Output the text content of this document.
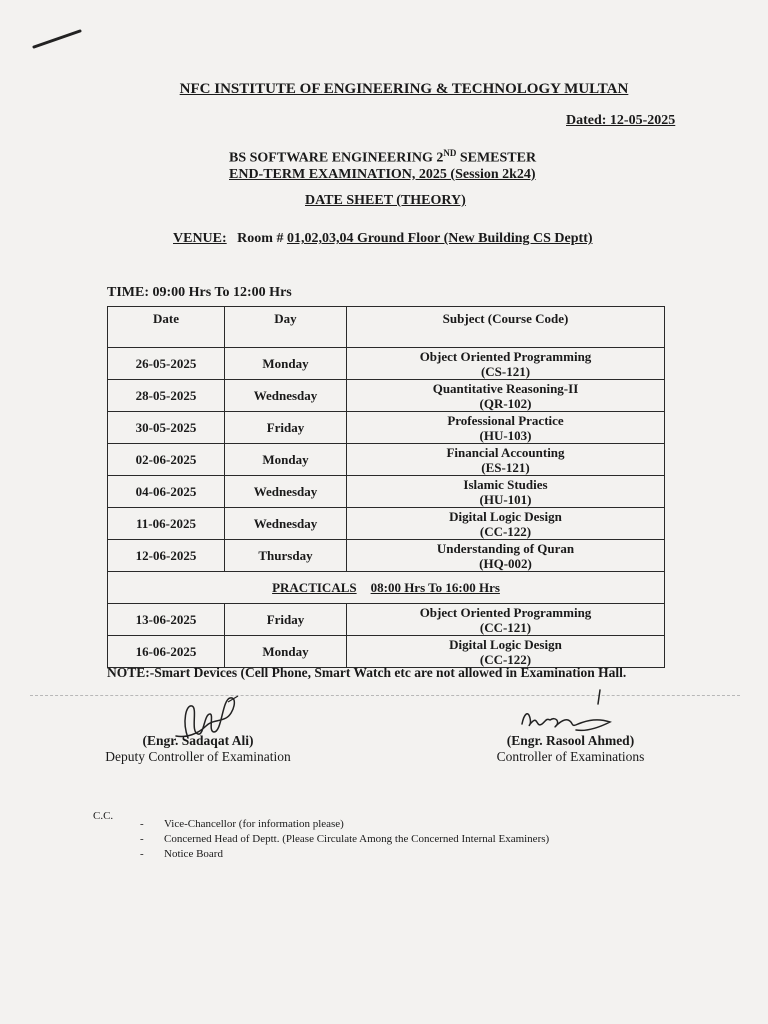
NFC INSTITUTE OF ENGINEERING & TECHNOLOGY MULTAN
Dated: 12-05-2025
BS SOFTWARE ENGINEERING 2ND SEMESTER
END-TERM EXAMINATION, 2025 (Session 2k24)
DATE SHEET (THEORY)
VENUE: Room # 01,02,03,04 Ground Floor (New Building CS Deptt)
TIME: 09:00 Hrs To 12:00 Hrs
Date	Day	Subject (Course Code)
26-05-2025	Monday	Object Oriented Programming
(CS-121)

28-05-2025	Wednesday	Quantitative Reasoning-II
(QR-102)

30-05-2025	Friday	Professional Practice
(HU-103)

02-06-2025	Monday	Financial Accounting
(ES-121)

04-06-2025	Wednesday	Islamic Studies
(HU-101)

11-06-2025	Wednesday	Digital Logic Design
(CC-122)

12-06-2025	Thursday	Understanding of Quran
(HQ-002)

PRACTICALS 08:00 Hrs To 16:00 Hrs		
13-06-2025	Friday	Object Oriented Programming
(CC-121)

16-06-2025	Monday	Digital Logic Design
(CC-122)
NOTE:-Smart Devices (Cell Phone, Smart Watch etc are not allowed in Examination Hall.
(Engr. Sadaqat Ali)
Deputy Controller of Examination
(Engr. Rasool Ahmed)
Controller of Examinations
C.C.
- Vice-Chancellor (for information please)
- Concerned Head of Deptt. (Please Circulate Among the Concerned Internal Examiners)
- Notice Board
